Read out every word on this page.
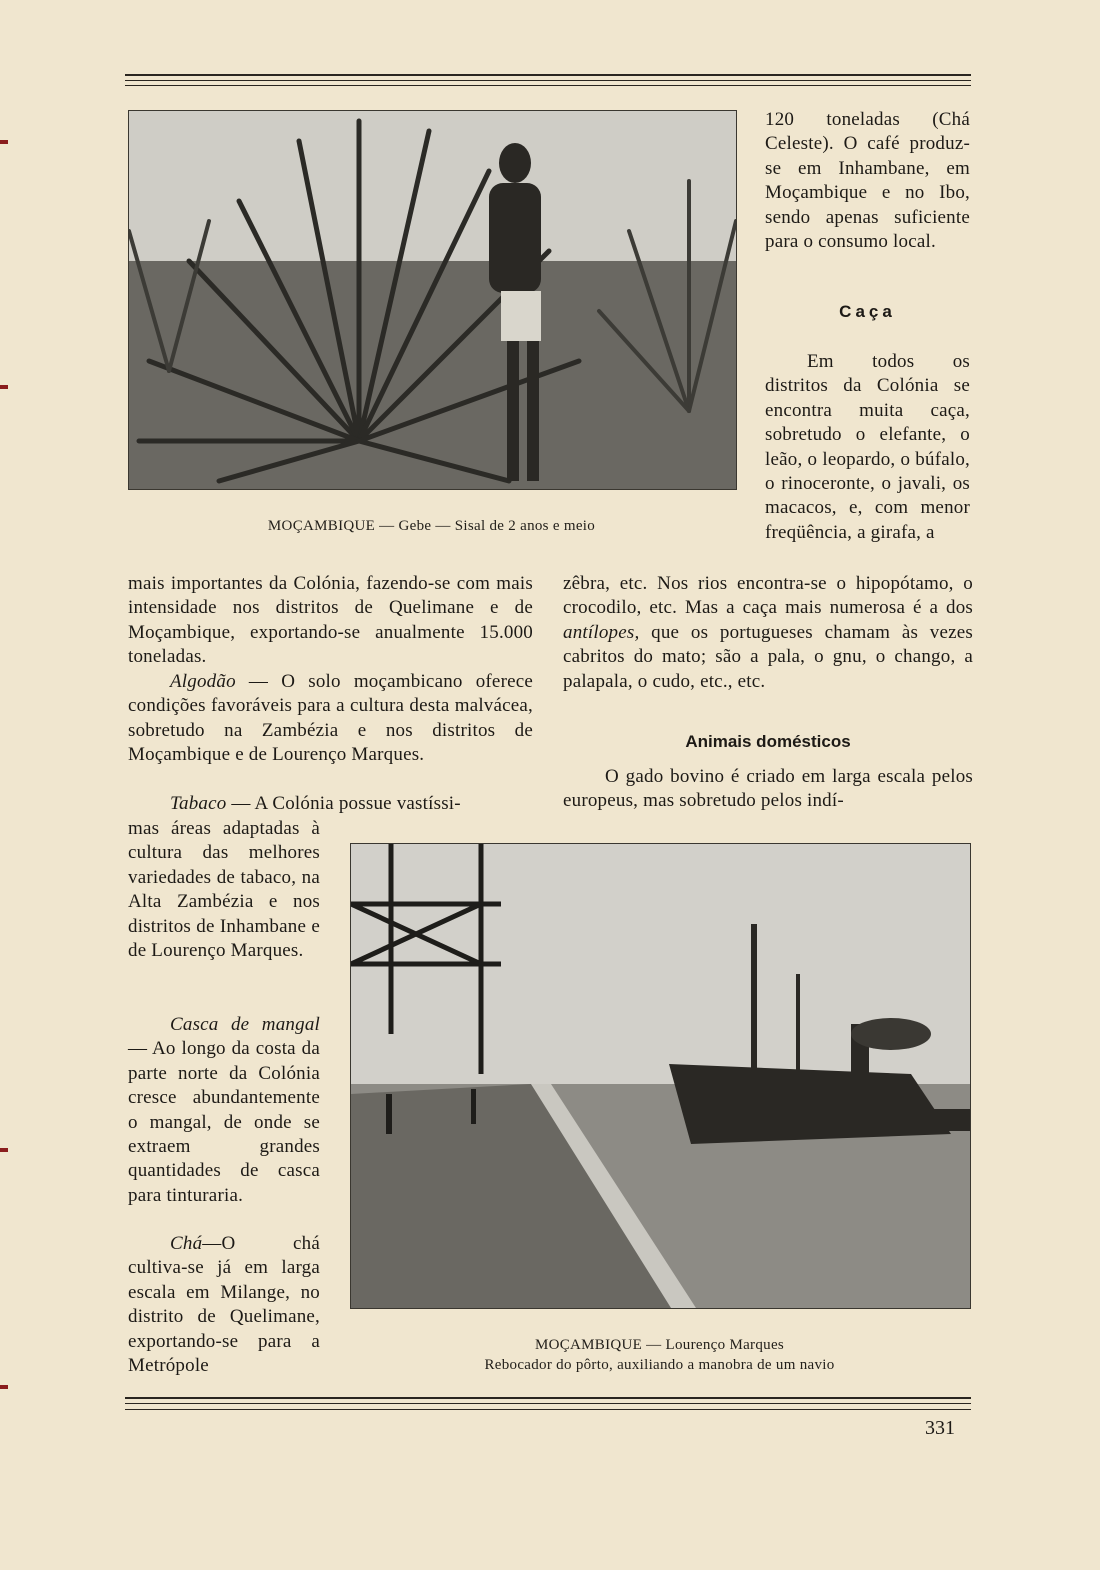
MOÇAMBIQUE — Gebe — Sisal de 2 anos e meio
120 toneladas (Chá Celeste). O café produz-se em Inhambane, em Moçambique e no Ibo, sendo apenas suficiente para o consumo local.
Caça
Em todos os distritos da Colónia se encontra muita caça, sobretudo o elefante, o leão, o leopardo, o búfalo, o rinoceronte, o javali, os macacos, e, com menor freqüência, a girafa, a
mais importantes da Colónia, fazendo-se com mais intensidade nos distritos de Quelimane e de Moçambique, exportando-se anualmente 15.000 toneladas.
Algodão — O solo moçambicano oferece condições favoráveis para a cultura desta malvácea, sobretudo na Zambézia e nos distritos de Moçambique e de Lourenço Marques.
Tabaco — A Colónia possue vastíssi-
zêbra, etc. Nos rios encontra-se o hipopótamo, o crocodilo, etc. Mas a caça mais numerosa é a dos antílopes, que os portugueses chamam às vezes cabritos do mato; são a pala, o gnu, o chango, a palapala, o cudo, etc., etc.
Animais domésticos
O gado bovino é criado em larga escala pelos europeus, mas sobretudo pelos indí-
mas áreas adaptadas à cultura das melhores variedades de tabaco, na Alta Zambézia e nos distritos de Inhambane e de Lourenço Marques.
Casca de mangal — Ao longo da costa da parte norte da Colónia cresce abundantemente o mangal, de onde se extraem grandes quantidades de casca para tinturaria.
Chá—O chá cultiva-se já em larga escala em Milange, no distrito de Quelimane, exportando-se para a Metrópole
MOÇAMBIQUE — Lourenço Marques
Rebocador do pôrto, auxiliando a manobra de um navio
331
